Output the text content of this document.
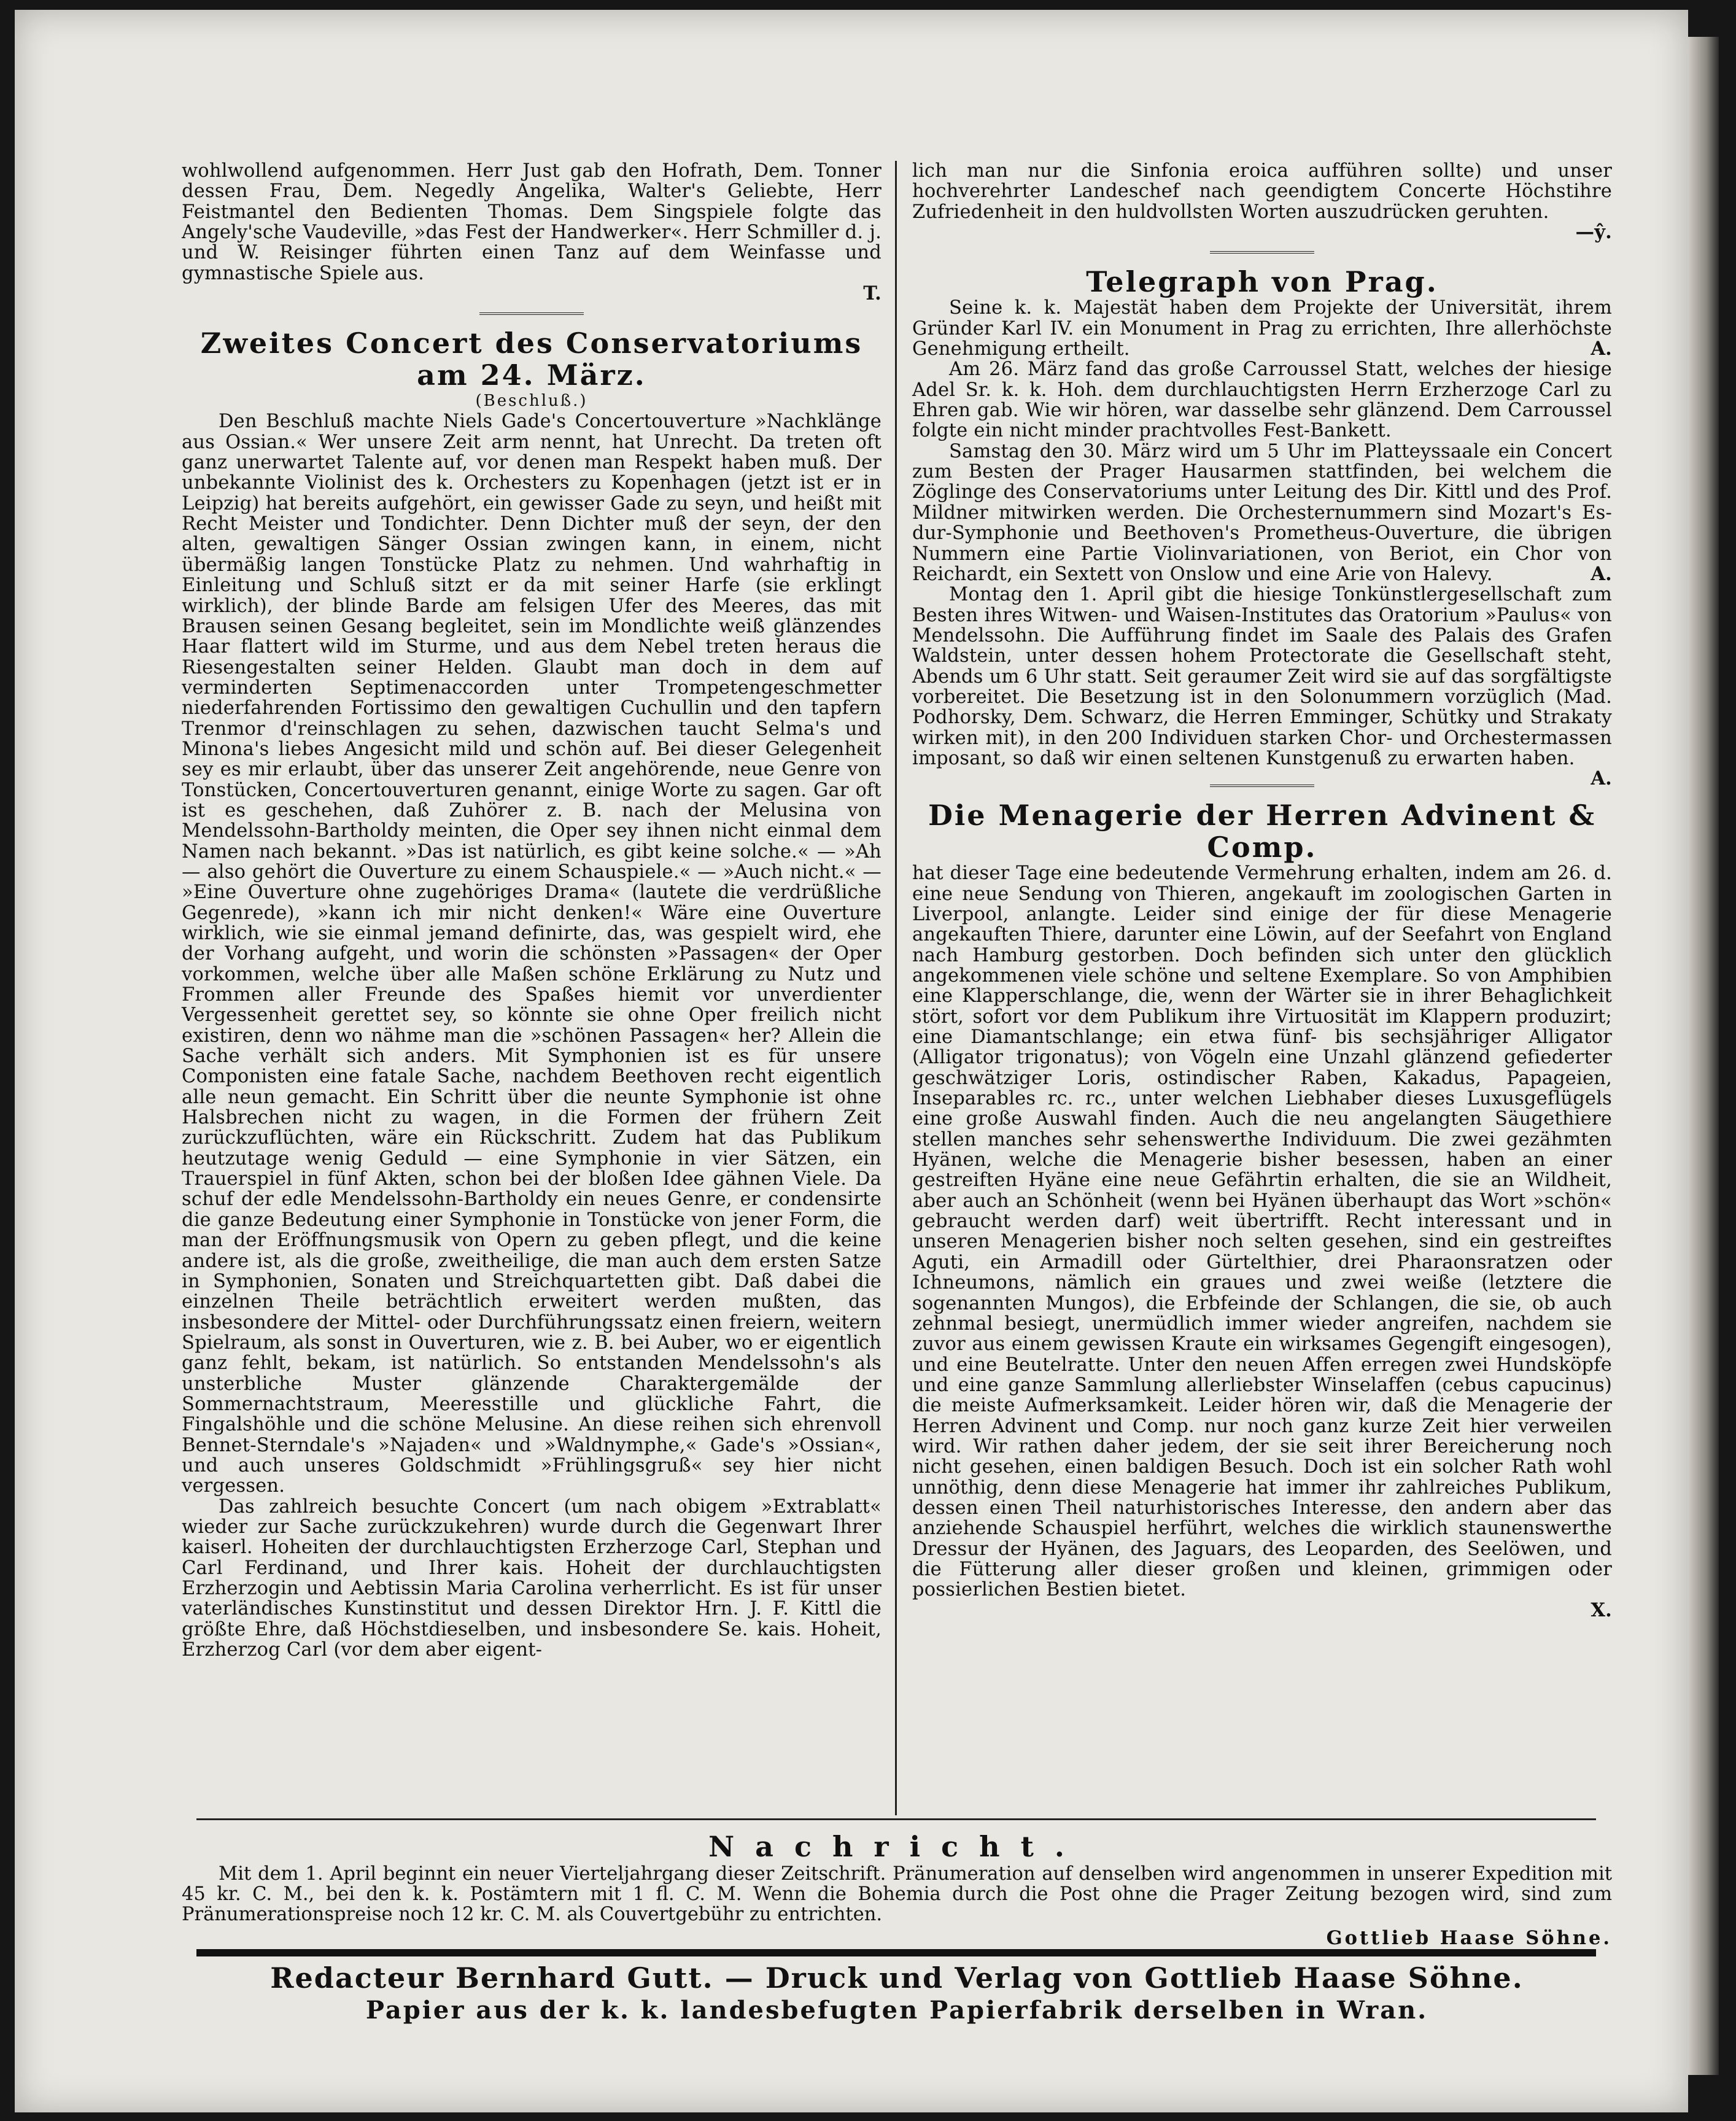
wohlwollend aufgenommen. Herr Just gab den Hofrath, Dem. Tonner dessen Frau, Dem. Negedly Angelika, Walter's Geliebte, Herr Feistmantel den Bedienten Thomas. Dem Singspiele folgte das Angely'sche Vaudeville, »das Fest der Handwerker«. Herr Schmiller d. j. und W. Reisinger führten einen Tanz auf dem Weinfasse und gymnastische Spiele aus.

T.
Zweites Concert des Conservatoriums am 24. März.
(Beschluß.)

Den Beschluß machte Niels Gade's Concertouverture »Nachklänge aus Ossian.« Wer unsere Zeit arm nennt, hat Unrecht. Da treten oft ganz unerwartet Talente auf, vor denen man Respekt haben muß. Der unbekannte Violinist des k. Orchesters zu Kopenhagen (jetzt ist er in Leipzig) hat bereits aufgehört, ein gewisser Gade zu seyn, und heißt mit Recht Meister und Tondichter. Denn Dichter muß der seyn, der den alten, gewaltigen Sänger Ossian zwingen kann, in einem, nicht übermäßig langen Tonstücke Platz zu nehmen. Und wahrhaftig in Einleitung und Schluß sitzt er da mit seiner Harfe (sie erklingt wirklich), der blinde Barde am felsigen Ufer des Meeres, das mit Brausen seinen Gesang begleitet, sein im Mondlichte weiß glänzendes Haar flattert wild im Sturme, und aus dem Nebel treten heraus die Riesengestalten seiner Helden. Glaubt man doch in dem auf verminderten Septimenaccorden unter Trompetengeschmetter niederfahrenden Fortissimo den gewaltigen Cuchullin und den tapfern Trenmor d'reinschlagen zu sehen, dazwischen taucht Selma's und Minona's liebes Angesicht mild und schön auf. Bei dieser Gelegenheit sey es mir erlaubt, über das unserer Zeit angehörende, neue Genre von Tonstücken, Concertouverturen genannt, einige Worte zu sagen. Gar oft ist es geschehen, daß Zuhörer z. B. nach der Melusina von Mendelssohn-Bartholdy meinten, die Oper sey ihnen nicht einmal dem Namen nach bekannt. »Das ist natürlich, es gibt keine solche.« — »Ah — also gehört die Ouverture zu einem Schauspiele.« — »Auch nicht.« — »Eine Ouverture ohne zugehöriges Drama« (lautete die verdrüßliche Gegenrede), »kann ich mir nicht denken!« Wäre eine Ouverture wirklich, wie sie einmal jemand definirte, das, was gespielt wird, ehe der Vorhang aufgeht, und worin die schönsten »Passagen« der Oper vorkommen, welche über alle Maßen schöne Erklärung zu Nutz und Frommen aller Freunde des Spaßes hiemit vor unverdienter Vergessenheit gerettet sey, so könnte sie ohne Oper freilich nicht existiren, denn wo nähme man die »schönen Passagen« her? Allein die Sache verhält sich anders. Mit Symphonien ist es für unsere Componisten eine fatale Sache, nachdem Beethoven recht eigentlich alle neun gemacht. Ein Schritt über die neunte Symphonie ist ohne Halsbrechen nicht zu wagen, in die Formen der frühern Zeit zurückzuflüchten, wäre ein Rückschritt. Zudem hat das Publikum heutzutage wenig Geduld — eine Symphonie in vier Sätzen, ein Trauerspiel in fünf Akten, schon bei der bloßen Idee gähnen Viele. Da schuf der edle Mendelssohn-Bartholdy ein neues Genre, er condensirte die ganze Bedeutung einer Symphonie in Tonstücke von jener Form, die man der Eröffnungsmusik von Opern zu geben pflegt, und die keine andere ist, als die große, zweitheilige, die man auch dem ersten Satze in Symphonien, Sonaten und Streichquartetten gibt. Daß dabei die einzelnen Theile beträchtlich erweitert werden mußten, das insbesondere der Mittel- oder Durchführungssatz einen freiern, weitern Spielraum, als sonst in Ouverturen, wie z. B. bei Auber, wo er eigentlich ganz fehlt, bekam, ist natürlich. So entstanden Mendelssohn's als unsterbliche Muster glänzende Charaktergemälde der Sommernachtstraum, Meeresstille und glückliche Fahrt, die Fingalshöhle und die schöne Melusine. An diese reihen sich ehrenvoll Bennet-Sterndale's »Najaden« und »Waldnymphe,« Gade's »Ossian«, und auch unseres Goldschmidt »Frühlingsgruß« sey hier nicht vergessen.

Das zahlreich besuchte Concert (um nach obigem »Extrablatt« wieder zur Sache zurückzukehren) wurde durch die Gegenwart Ihrer kaiserl. Hoheiten der durchlauchtigsten Erzherzoge Carl, Stephan und Carl Ferdinand, und Ihrer kais. Hoheit der durchlauchtigsten Erzherzogin und Aebtissin Maria Carolina verherrlicht. Es ist für unser vaterländisches Kunstinstitut und dessen Direktor Hrn. J. F. Kittl die größte Ehre, daß Höchstdieselben, und insbesondere Se. kais. Hoheit, Erzherzog Carl (vor dem aber eigent-

lich man nur die Sinfonia eroica aufführen sollte) und unser hochverehrter Landeschef nach geendigtem Concerte Höchstihre Zufriedenheit in den huldvollsten Worten auszudrücken geruhten.

—ŷ.
Telegraph von Prag.

Seine k. k. Majestät haben dem Projekte der Universität, ihrem Gründer Karl IV. ein Monument in Prag zu errichten, Ihre allerhöchste Genehmigung ertheilt.	A.

Am 26. März fand das große Carroussel Statt, welches der hiesige Adel Sr. k. k. Hoh. dem durchlauchtigsten Herrn Erzherzoge Carl zu Ehren gab. Wie wir hören, war dasselbe sehr glänzend. Dem Carroussel folgte ein nicht minder prachtvolles Fest-Bankett.

Samstag den 30. März wird um 5 Uhr im Platteyssaale ein Concert zum Besten der Prager Hausarmen stattfinden, bei welchem die Zöglinge des Conservatoriums unter Leitung des Dir. Kittl und des Prof. Mildner mitwirken werden. Die Orchesternummern sind Mozart's Es-dur-Symphonie und Beethoven's Prometheus-Ouverture, die übrigen Nummern eine Partie Violinvariationen, von Beriot, ein Chor von Reichardt, ein Sextett von Onslow und eine Arie von Halevy.	A.

Montag den 1. April gibt die hiesige Tonkünstlergesellschaft zum Besten ihres Witwen- und Waisen-Institutes das Oratorium »Paulus« von Mendelssohn. Die Aufführung findet im Saale des Palais des Grafen Waldstein, unter dessen hohem Protectorate die Gesellschaft steht, Abends um 6 Uhr statt. Seit geraumer Zeit wird sie auf das sorgfältigste vorbereitet. Die Besetzung ist in den Solonummern vorzüglich (Mad. Podhorsky, Dem. Schwarz, die Herren Emminger, Schütky und Strakaty wirken mit), in den 200 Individuen starken Chor- und Orchestermassen imposant, so daß wir einen seltenen Kunstgenuß zu erwarten haben.
A.

Die Menagerie der Herren Advinent & Comp.

hat dieser Tage eine bedeutende Vermehrung erhalten, indem am 26. d. eine neue Sendung von Thieren, angekauft im zoologischen Garten in Liverpool, anlangte. Leider sind einige der für diese Menagerie angekauften Thiere, darunter eine Löwin, auf der Seefahrt von England nach Hamburg gestorben. Doch befinden sich unter den glücklich angekommenen viele schöne und seltene Exemplare. So von Amphibien eine Klapperschlange, die, wenn der Wärter sie in ihrer Behaglichkeit stört, sofort vor dem Publikum ihre Virtuosität im Klappern produzirt; eine Diamantschlange; ein etwa fünf- bis sechsjähriger Alligator (Alligator trigonatus); von Vögeln eine Unzahl glänzend gefiederter geschwätziger Loris, ostindischer Raben, Kakadus, Papageien, Inseparables rc. rc., unter welchen Liebhaber dieses Luxusgeflügels eine große Auswahl finden. Auch die neu angelangten Säugethiere stellen manches sehr sehenswerthe Individuum. Die zwei gezähmten Hyänen, welche die Menagerie bisher besessen, haben an einer gestreiften Hyäne eine neue Gefährtin erhalten, die sie an Wildheit, aber auch an Schönheit (wenn bei Hyänen überhaupt das Wort »schön« gebraucht werden darf) weit übertrifft. Recht interessant und in unseren Menagerien bisher noch selten gesehen, sind ein gestreiftes Aguti, ein Armadill oder Gürtelthier, drei Pharaonsratzen oder Ichneumons, nämlich ein graues und zwei weiße (letztere die sogenannten Mungos), die Erbfeinde der Schlangen, die sie, ob auch zehnmal besiegt, unermüdlich immer wieder angreifen, nachdem sie zuvor aus einem gewissen Kraute ein wirksames Gegengift eingesogen), und eine Beutelratte. Unter den neuen Affen erregen zwei Hundsköpfe und eine ganze Sammlung allerliebster Winselaffen (cebus capucinus) die meiste Aufmerksamkeit. Leider hören wir, daß die Menagerie der Herren Advinent und Comp. nur noch ganz kurze Zeit hier verweilen wird. Wir rathen daher jedem, der sie seit ihrer Bereicherung noch nicht gesehen, einen baldigen Besuch. Doch ist ein solcher Rath wohl unnöthig, denn diese Menagerie hat immer ihr zahlreiches Publikum, dessen einen Theil naturhistorisches Interesse, den andern aber das anziehende Schauspiel herführt, welches die wirklich staunenswerthe Dressur der Hyänen, des Jaguars, des Leoparden, des Seelöwen, und die Fütterung aller dieser großen und kleinen, grimmigen oder possierlichen Bestien bietet.

X.
Nachricht.

Mit dem 1. April beginnt ein neuer Vierteljahrgang dieser Zeitschrift. Pränumeration auf denselben wird angenommen in unserer Expedition mit 45 kr. C. M., bei den k. k. Postämtern mit 1 fl. C. M. Wenn die Bohemia durch die Post ohne die Prager Zeitung bezogen wird, sind zum Pränumerationspreise noch 12 kr. C. M. als Couvertgebühr zu entrichten.

Gottlieb Haase Söhne.
Redacteur Bernhard Gutt. — Druck und Verlag von Gottlieb Haase Söhne.
Papier aus der k. k. landesbefugten Papierfabrik derselben in Wran.
